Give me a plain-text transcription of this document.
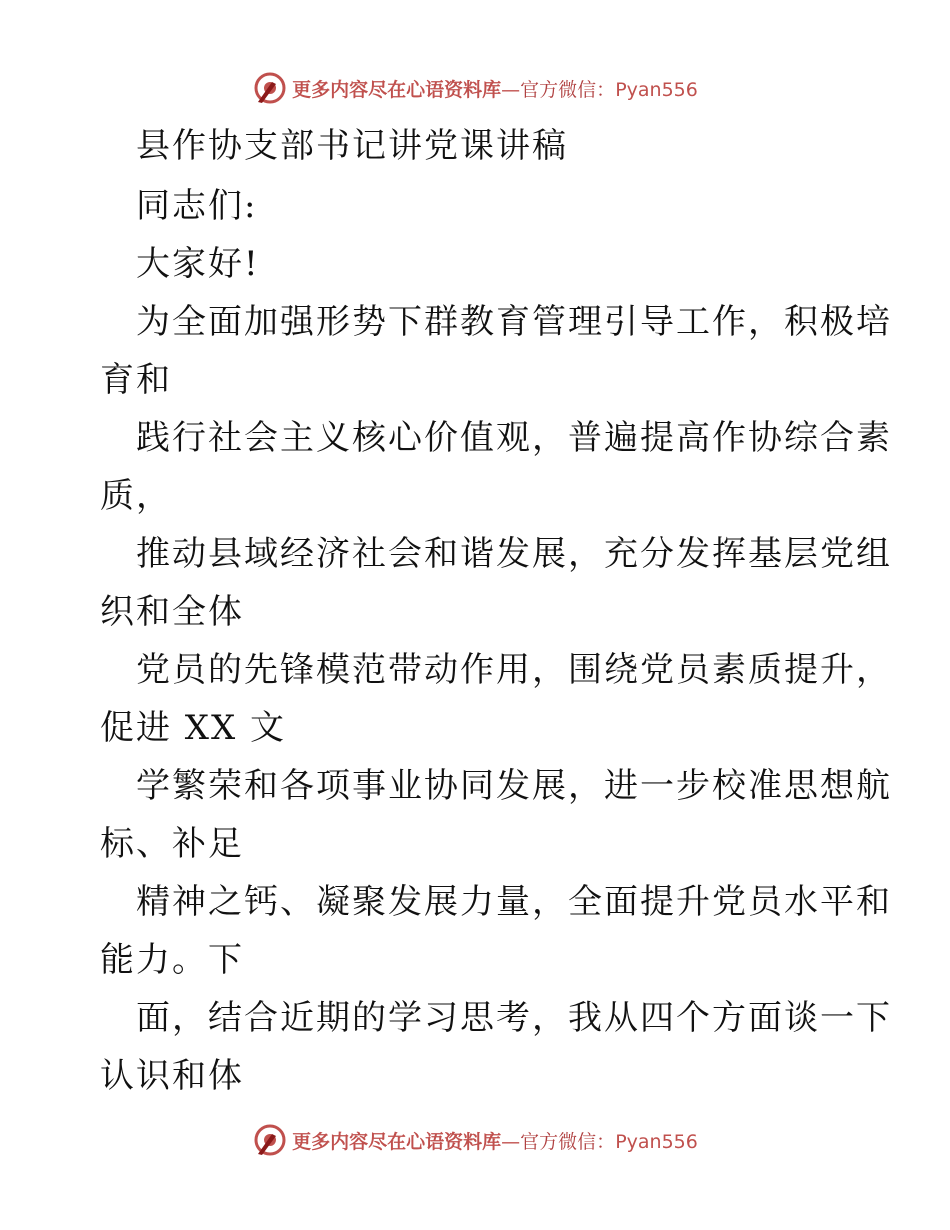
更多内容尽在心语资料库—官方微信：Pyan556
县作协支部书记讲党课讲稿
同志们:
大家好!
为全面加强形势下群教育管理引导工作，积极培
育和
践行社会主义核心价值观，普遍提高作协综合素
质，
推动县域经济社会和谐发展，充分发挥基层党组
织和全体
党员的先锋模范带动作用，围绕党员素质提升，
促进 XX 文
学繁荣和各项事业协同发展，进一步校准思想航
标、补足
精神之钙、凝聚发展力量，全面提升党员水平和
能力。下
面，结合近期的学习思考，我从四个方面谈一下
认识和体
更多内容尽在心语资料库—官方微信：Pyan556
